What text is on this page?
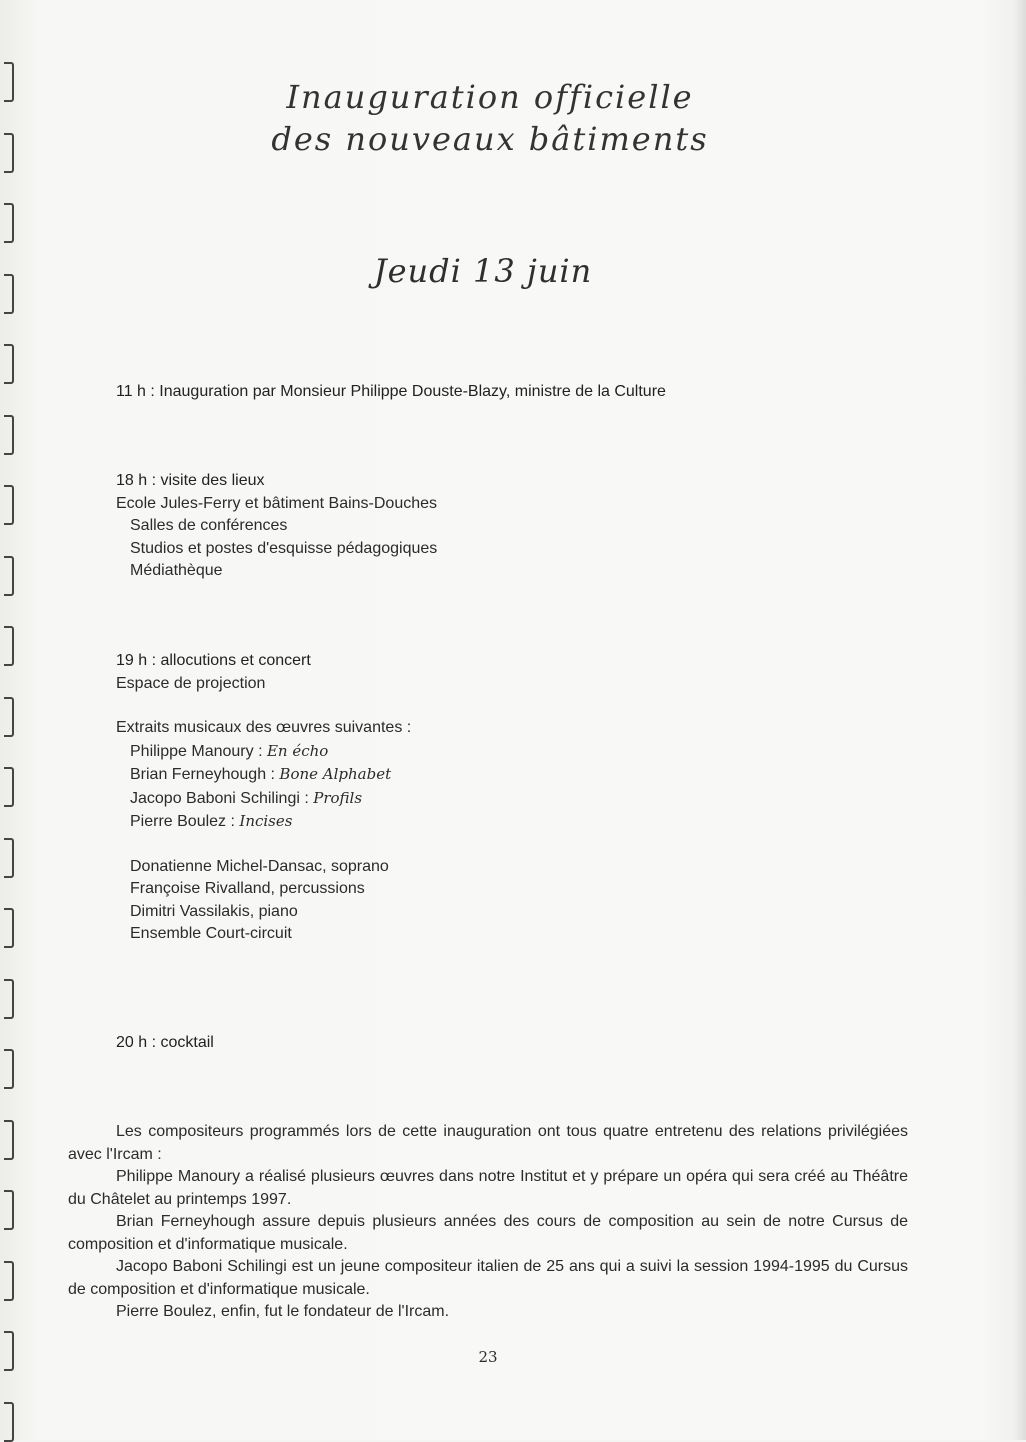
Inauguration officielle
des nouveaux bâtiments
Jeudi 13 juin
11 h : Inauguration par Monsieur Philippe Douste-Blazy, ministre de la Culture
18 h : visite des lieux
Ecole Jules-Ferry et bâtiment Bains-Douches
Salles de conférences
Studios et postes d'esquisse pédagogiques
Médiathèque
19 h : allocutions et concert
Espace de projection
Extraits musicaux des œuvres suivantes :
Philippe Manoury : En écho
Brian Ferneyhough : Bone Alphabet
Jacopo Baboni Schilingi : Profils
Pierre Boulez : Incises
Donatienne Michel-Dansac, soprano
Françoise Rivalland, percussions
Dimitri Vassilakis, piano
Ensemble Court-circuit
20 h : cocktail

Les compositeurs programmés lors de cette inauguration ont tous quatre entretenu des relations privilégiées avec l'Ircam :

Philippe Manoury a réalisé plusieurs œuvres dans notre Institut et y prépare un opéra qui sera créé au Théâtre du Châtelet au printemps 1997.

Brian Ferneyhough assure depuis plusieurs années des cours de composition au sein de notre Cursus de composition et d'informatique musicale.

Jacopo Baboni Schilingi est un jeune compositeur italien de 25 ans qui a suivi la session 1994-1995 du Cursus de composition et d'informatique musicale.

Pierre Boulez, enfin, fut le fondateur de l'Ircam.

23
